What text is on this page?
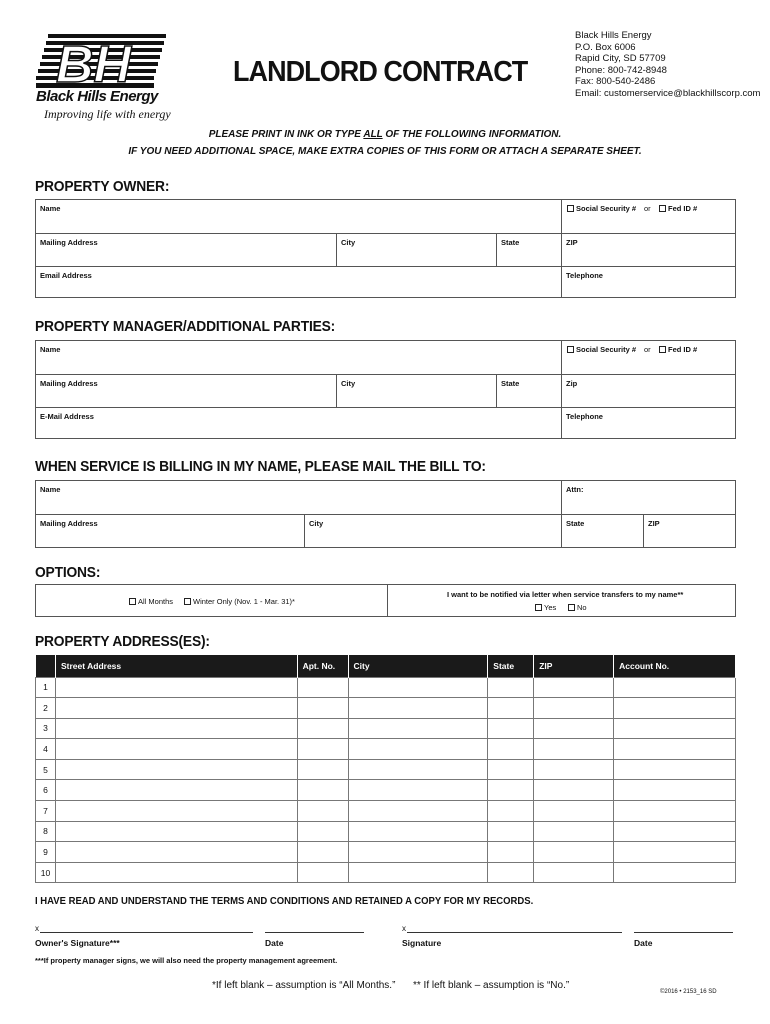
BH
Black Hills Energy
Improving life with energy
LANDLORD CONTRACT
Black Hills Energy
P.O. Box 6006
Rapid City, SD 57709
Phone: 800-742-8948
Fax: 800-540-2486
Email: customerservice@blackhillscorp.com
PLEASE PRINT IN INK OR TYPE ALL OF THE FOLLOWING INFORMATION.
IF YOU NEED ADDITIONAL SPACE, MAKE EXTRA COPIES OF THIS FORM OR ATTACH A SEPARATE SHEET.
PROPERTY OWNER:
Name	Social Security # or	Fed ID #
Mailing Address	City	State	ZIP
Email Address	Telephone
PROPERTY MANAGER/ADDITIONAL PARTIES:
Name	Social Security # or	Fed ID #
Mailing Address	City	State	Zip
E-Mail Address	Telephone
WHEN SERVICE IS BILLING IN MY NAME, PLEASE MAIL THE BILL TO:
Name	Attn:
Mailing Address	City	State	ZIP
OPTIONS:
All Months	Winter Only (Nov. 1 - Mar. 31)*
I want to be notified via letter when service transfers to my name**
Yes	No
PROPERTY ADDRESS(ES):
	Street Address	Apt. No.	City	State	ZIP	Account No.
1						
2						
3						
4						
5						
6						
7						
8						
9						
10						
I HAVE READ AND UNDERSTAND THE TERMS AND CONDITIONS AND RETAINED A COPY FOR MY RECORDS.
x	x
Owner's Signature***	Date	Signature	Date
***If property manager signs, we will also need the property management agreement.
*If left blank – assumption is “All Months.” ** If left blank – assumption is “No.”
©2016 • 2153_16 SD
